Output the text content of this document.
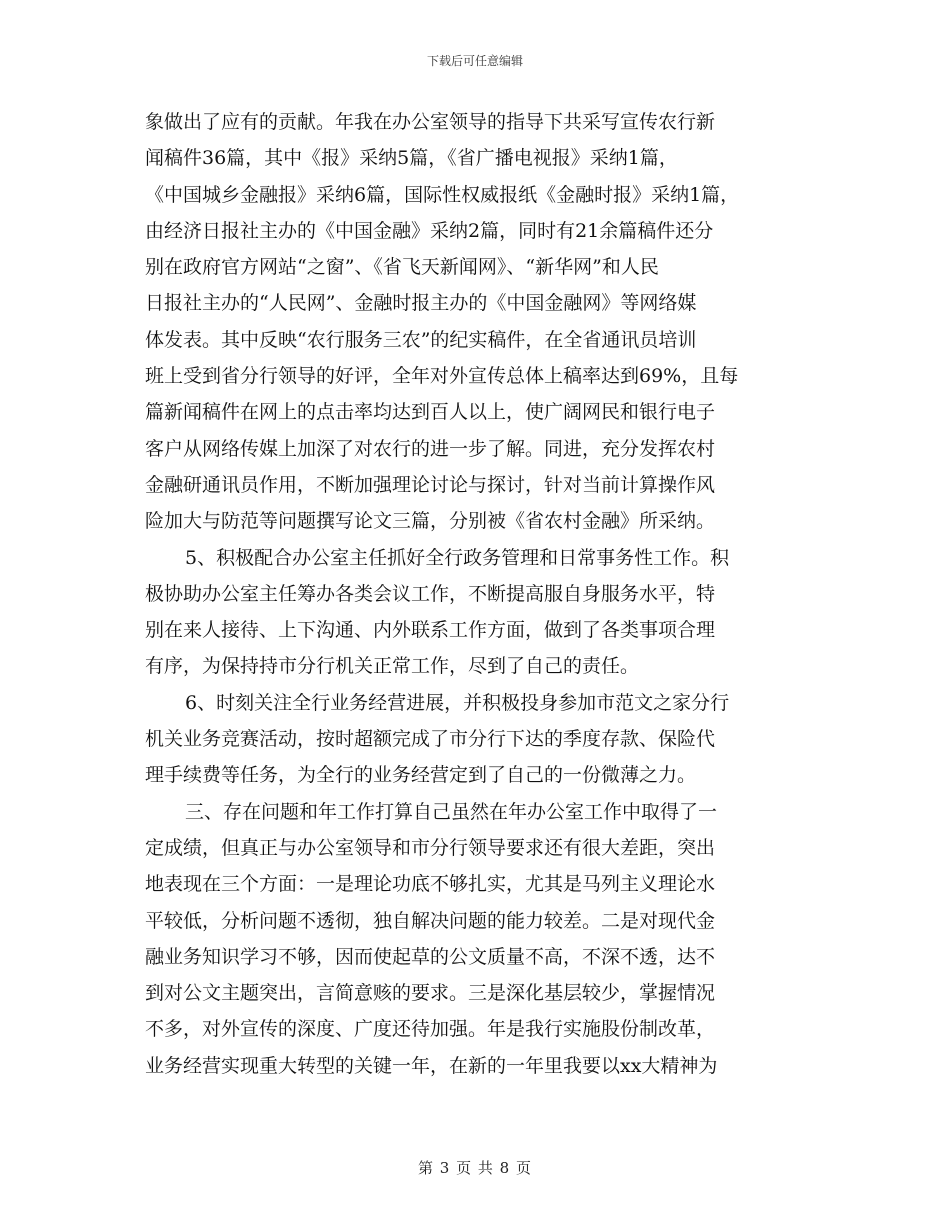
下载后可任意编辑
象做出了应有的贡献。年我在办公室领导的指导下共采写宣传农行新
闻稿件36篇，其中《报》采纳5篇，《省广播电视报》采纳1篇，
《中国城乡金融报》采纳6篇，国际性权威报纸《金融时报》采纳1篇，
由经济日报社主办的《中国金融》采纳2篇，同时有21余篇稿件还分
别在政府官方网站“之窗”、《省飞天新闻网》、“新华网”和人民
日报社主办的“人民网”、金融时报主办的《中国金融网》等网络媒
体发表。其中反映“农行服务三农”的纪实稿件，在全省通讯员培训
班上受到省分行领导的好评，全年对外宣传总体上稿率达到69%，且每
篇新闻稿件在网上的点击率均达到百人以上，使广阔网民和银行电子
客户从网络传媒上加深了对农行的进一步了解。同进，充分发挥农村
金融研通讯员作用，不断加强理论讨论与探讨，针对当前计算操作风
险加大与防范等问题撰写论文三篇，分别被《省农村金融》所采纳。
5、积极配合办公室主任抓好全行政务管理和日常事务性工作。积
极协助办公室主任筹办各类会议工作，不断提高服自身服务水平，特
别在来人接待、上下沟通、内外联系工作方面，做到了各类事项合理
有序，为保持持市分行机关正常工作，尽到了自己的责任。
6、时刻关注全行业务经营进展，并积极投身参加市范文之家分行
机关业务竞赛活动，按时超额完成了市分行下达的季度存款、保险代
理手续费等任务，为全行的业务经营定到了自己的一份微薄之力。
三、存在问题和年工作打算自己虽然在年办公室工作中取得了一
定成绩，但真正与办公室领导和市分行领导要求还有很大差距，突出
地表现在三个方面：一是理论功底不够扎实，尤其是马列主义理论水
平较低，分析问题不透彻，独自解决问题的能力较差。二是对现代金
融业务知识学习不够，因而使起草的公文质量不高，不深不透，达不
到对公文主题突出，言简意赅的要求。三是深化基层较少，掌握情况
不多，对外宣传的深度、广度还待加强。年是我行实施股份制改革，
业务经营实现重大转型的关键一年，在新的一年里我要以xx大精神为
第 3 页 共 8 页
